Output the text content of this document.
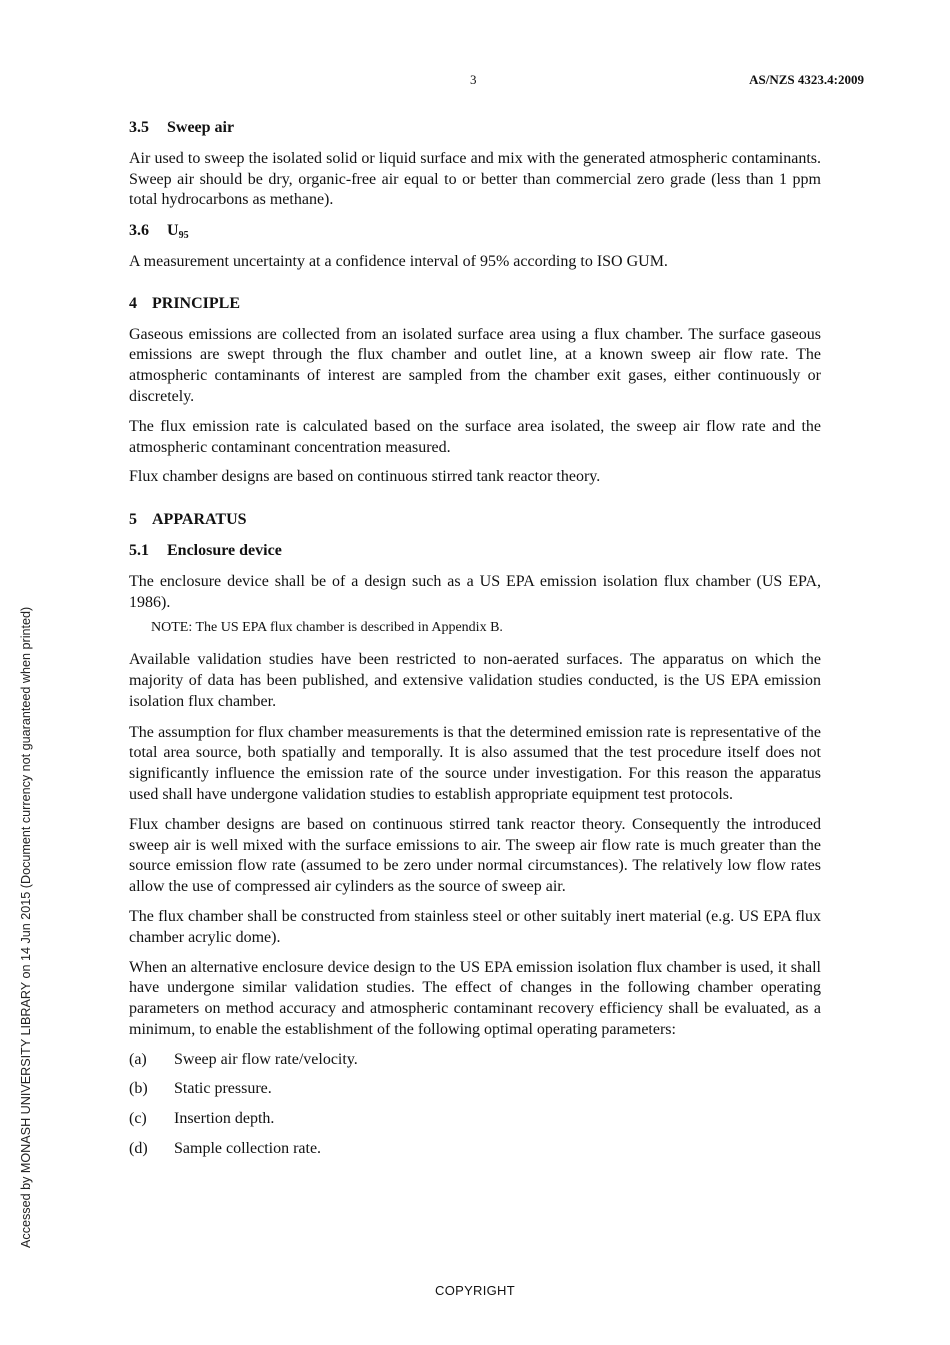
3	AS/NZS 4323.4:2009
Accessed by MONASH UNIVERSITY LIBRARY on 14 Jun 2015 (Document currency not guaranteed when printed)
3.5 Sweep air

Air used to sweep the isolated solid or liquid surface and mix with the generated atmospheric contaminants. Sweep air should be dry, organic-free air equal to or better than commercial zero grade (less than 1 ppm total hydrocarbons as methane).

3.6 $U_{95}$

A measurement uncertainty at a confidence interval of 95% according to ISO GUM.

4 PRINCIPLE

Gaseous emissions are collected from an isolated surface area using a flux chamber. The surface gaseous emissions are swept through the flux chamber and outlet line, at a known sweep air flow rate. The atmospheric contaminants of interest are sampled from the chamber exit gases, either continuously or discretely.

The flux emission rate is calculated based on the surface area isolated, the sweep air flow rate and the atmospheric contaminant concentration measured.

Flux chamber designs are based on continuous stirred tank reactor theory.

5 APPARATUS
5.1 Enclosure device

The enclosure device shall be of a design such as a US EPA emission isolation flux chamber (US EPA, 1986).

NOTE: The US EPA flux chamber is described in Appendix B.

Available validation studies have been restricted to non-aerated surfaces. The apparatus on which the majority of data has been published, and extensive validation studies conducted, is the US EPA emission isolation flux chamber.

The assumption for flux chamber measurements is that the determined emission rate is representative of the total area source, both spatially and temporally. It is also assumed that the test procedure itself does not significantly influence the emission rate of the source under investigation. For this reason the apparatus used shall have undergone validation studies to establish appropriate equipment test protocols.

Flux chamber designs are based on continuous stirred tank reactor theory. Consequently the introduced sweep air is well mixed with the surface emissions to air. The sweep air flow rate is much greater than the source emission flow rate (assumed to be zero under normal circumstances). The relatively low flow rates allow the use of compressed air cylinders as the source of sweep air.

The flux chamber shall be constructed from stainless steel or other suitably inert material (e.g. US EPA flux chamber acrylic dome).

When an alternative enclosure device design to the US EPA emission isolation flux chamber is used, it shall have undergone similar validation studies. The effect of changes in the following chamber operating parameters on method accuracy and atmospheric contaminant recovery efficiency shall be evaluated, as a minimum, to enable the establishment of the following optimal operating parameters:

(a)	Sweep air flow rate/velocity.
(b)	Static pressure.
(c)	Insertion depth.
(d)	Sample collection rate.
COPYRIGHT
